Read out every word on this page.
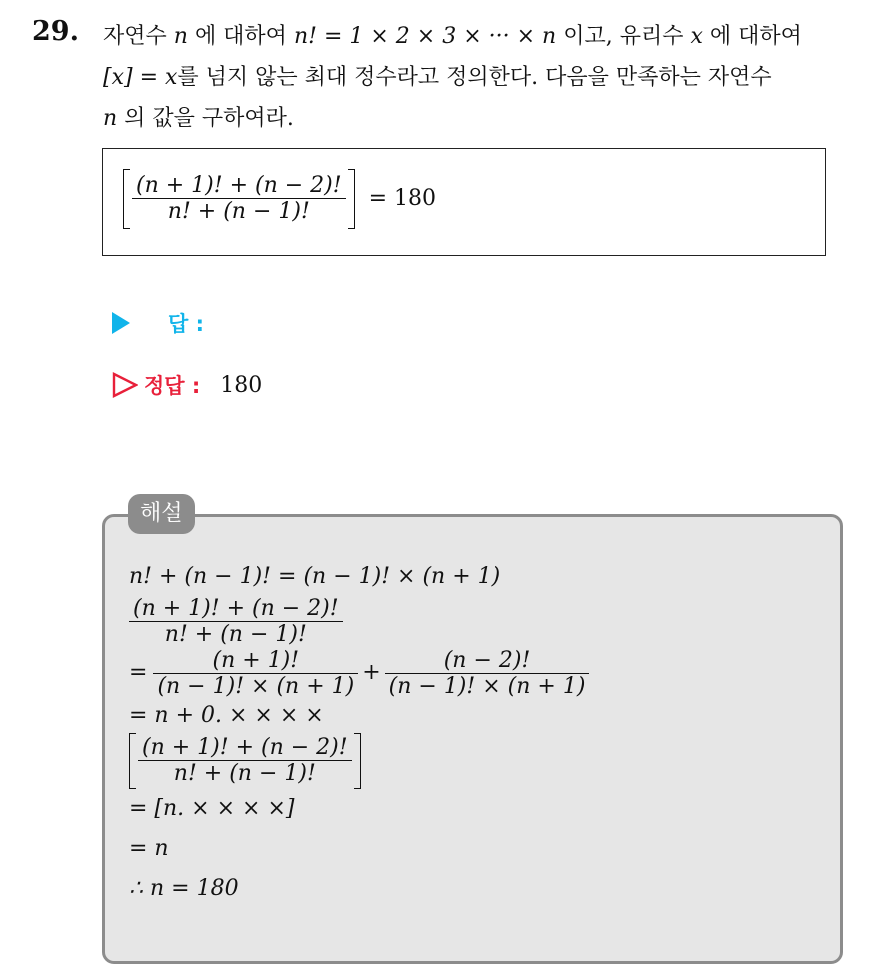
29. 자연수 n 에 대하여 n! = 1 × 2 × 3 × ··· × n 이고, 유리수 x 에 대하여
[x] = x를 넘지 않는 최대 정수라고 정의한다. 다음을 만족하는 자연수
n 의 값을 구하여라.
$\frac{(n + 1)! + (n - 2)!}{n! + (n - 1)!} = 180$
답 :
정답 : 180
해설
n! + (n − 1)! = (n − 1)! × (n + 1)
$\frac{(n + 1)! + (n - 2)!}{n! + (n - 1)!}$
= $\frac{(n + 1)!}{(n - 1)! \times (n + 1)} + \frac{(n - 2)!}{(n - 1)! \times (n + 1)}$
= n + 0. × × × ×
$\frac{(n + 1)! + (n - 2)!}{n! + (n - 1)!}$
= [n. × × × ×]
= n
∴ n = 180
